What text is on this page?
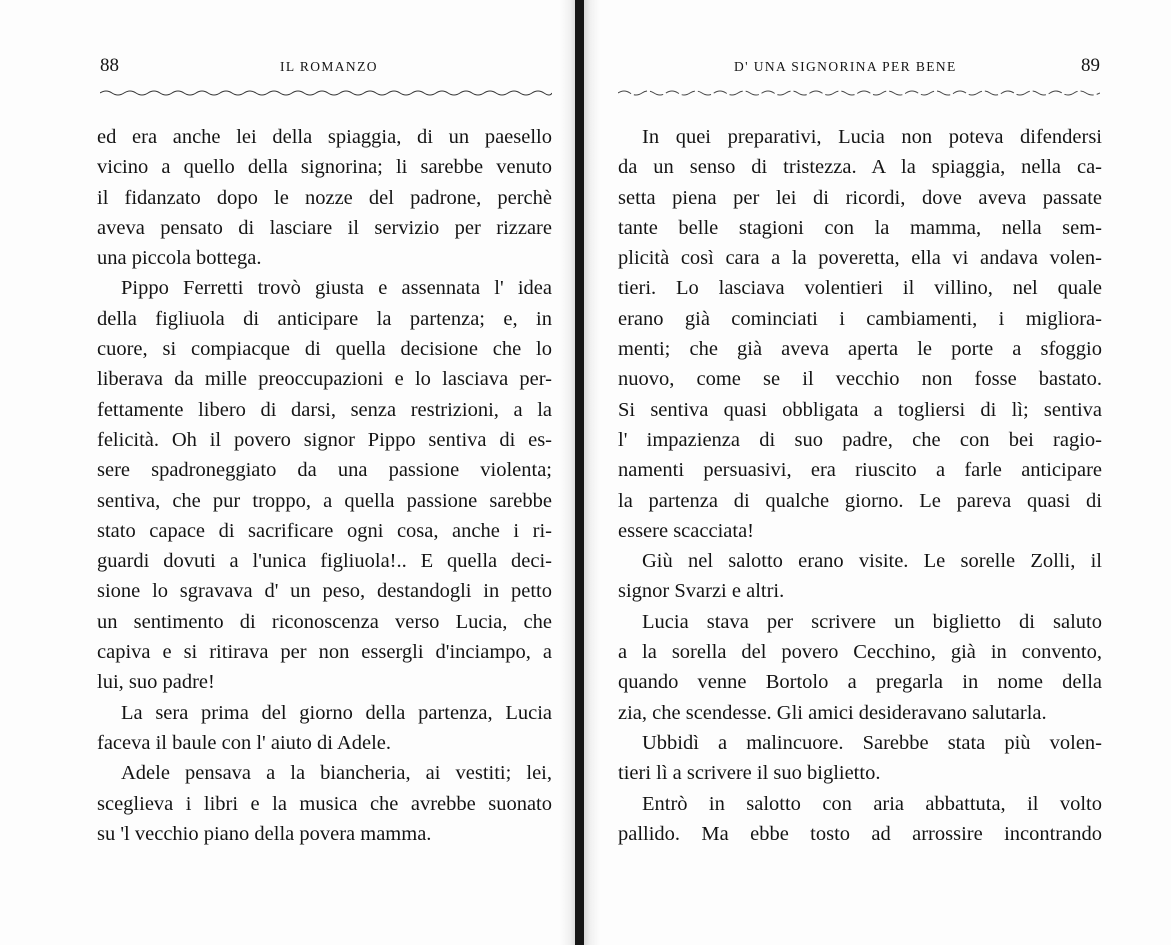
88	IL ROMANZO
ed era anche lei della spiaggia, di un paesello
vicino a quello della signorina; li sarebbe venuto
il fidanzato dopo le nozze del padrone, perchè
aveva pensato di lasciare il servizio per rizzare
una piccola bottega.
Pippo Ferretti trovò giusta e assennata l' idea
della figliuola di anticipare la partenza; e, in
cuore, si compiacque di quella decisione che lo
liberava da mille preoccupazioni e lo lasciava per-
fettamente libero di darsi, senza restrizioni, a la
felicità. Oh il povero signor Pippo sentiva di es-
sere spadroneggiato da una passione violenta;
sentiva, che pur troppo, a quella passione sarebbe
stato capace di sacrificare ogni cosa, anche i ri-
guardi dovuti a l'unica figliuola!.. E quella deci-
sione lo sgravava d' un peso, destandogli in petto
un sentimento di riconoscenza verso Lucia, che
capiva e si ritirava per non essergli d'inciampo, a
lui, suo padre!
La sera prima del giorno della partenza, Lucia
faceva il baule con l' aiuto di Adele.
Adele pensava a la biancheria, ai vestiti; lei,
sceglieva i libri e la musica che avrebbe suonato
su 'l vecchio piano della povera mamma.
D' UNA SIGNORINA PER BENE	89
In quei preparativi, Lucia non poteva difendersi
da un senso di tristezza. A la spiaggia, nella ca-
setta piena per lei di ricordi, dove aveva passate
tante belle stagioni con la mamma, nella sem-
plicità così cara a la poveretta, ella vi andava volen-
tieri. Lo lasciava volentieri il villino, nel quale
erano già cominciati i cambiamenti, i migliora-
menti; che già aveva aperta le porte a sfoggio
nuovo, come se il vecchio non fosse bastato.
Si sentiva quasi obbligata a togliersi di lì; sentiva
l' impazienza di suo padre, che con bei ragio-
namenti persuasivi, era riuscito a farle anticipare
la partenza di qualche giorno. Le pareva quasi di
essere scacciata!
Giù nel salotto erano visite. Le sorelle Zolli, il
signor Svarzi e altri.
Lucia stava per scrivere un biglietto di saluto
a la sorella del povero Cecchino, già in convento,
quando venne Bortolo a pregarla in nome della
zia, che scendesse. Gli amici desideravano salutarla.
Ubbidì a malincuore. Sarebbe stata più volen-
tieri lì a scrivere il suo biglietto.
Entrò in salotto con aria abbattuta, il volto
pallido. Ma ebbe tosto ad arrossire incontrando
